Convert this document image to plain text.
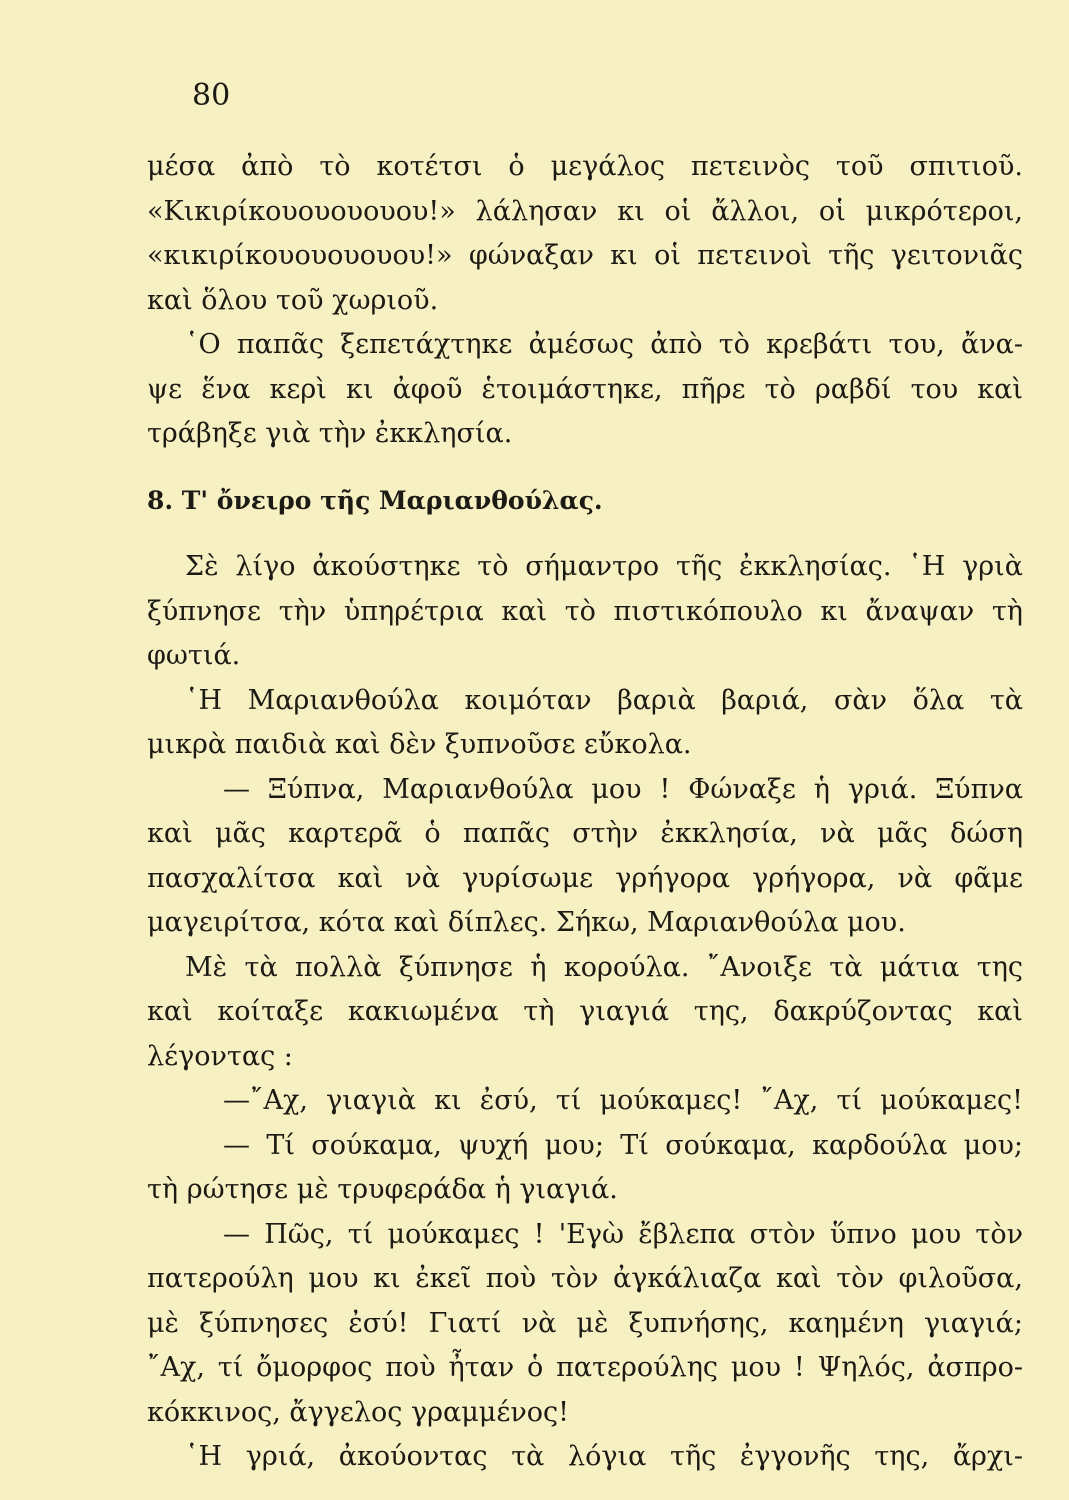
80
μέσα ἀπὸ τὸ κοτέτσι ὁ μεγάλος πετεινὸς τοῦ σπιτιοῦ.
«Κικιρίκουουουουου!» λάλησαν κι οἱ ἄλλοι, οἱ μικρότεροι,
«κικιρίκουουουουου!» φώναξαν κι οἱ πετεινοὶ τῆς γειτονιᾶς
καὶ ὅλου τοῦ χωριοῦ.
῾Ο παπᾶς ξεπετάχτηκε ἀμέσως ἀπὸ τὸ κρεβάτι του, ἄνα-
ψε ἕνα κερὶ κι ἀφοῦ ἑτοιμάστηκε, πῆρε τὸ ραβδί του καὶ
τράβηξε γιὰ τὴν ἐκκλησία.
8. Τ' ὄνειρο τῆς Μαριανθούλας.
Σὲ λίγο ἀκούστηκε τὸ σήμαντρο τῆς ἐκκλησίας. ῾Η γριὰ
ξύπνησε τὴν ὑπηρέτρια καὶ τὸ πιστικόπουλο κι ἄναψαν τὴ
φωτιά.
῾Η Μαριανθούλα κοιμόταν βαριὰ βαριά, σὰν ὅλα τὰ
μικρὰ παιδιὰ καὶ δὲν ξυπνοῦσε εὔκολα.
— Ξύπνα, Μαριανθούλα μου ! Φώναξε ἡ γριά. Ξύπνα
καὶ μᾶς καρτερᾶ ὁ παπᾶς στὴν ἐκκλησία, νὰ μᾶς δώση
πασχαλίτσα καὶ νὰ γυρίσωμε γρήγορα γρήγορα, νὰ φᾶμε
μαγειρίτσα, κότα καὶ δίπλες. Σήκω, Μαριανθούλα μου.
Μὲ τὰ πολλὰ ξύπνησε ἡ κορούλα. ῎Ανοιξε τὰ μάτια της
καὶ κοίταξε κακιωμένα τὴ γιαγιά της, δακρύζοντας καὶ
λέγοντας :
—῎Αχ, γιαγιὰ κι ἐσύ, τί μούκαμες! ῎Αχ, τί μούκαμες!
— Τί σούκαμα, ψυχή μου; Τί σούκαμα, καρδούλα μου;
τὴ ρώτησε μὲ τρυφεράδα ἡ γιαγιά.
— Πῶς, τί μούκαμες ! 'Εγὼ ἔβλεπα στὸν ὕπνο μου τὸν
πατερούλη μου κι ἐκεῖ ποὺ τὸν ἀγκάλιαζα καὶ τὸν φιλοῦσα,
μὲ ξύπνησες ἐσύ! Γιατί νὰ μὲ ξυπνήσης, καημένη γιαγιά;
῎Αχ, τί ὄμορφος ποὺ ἦταν ὁ πατερούλης μου ! Ψηλός, ἀσπρο-
κόκκινος, ἄγγελος γραμμένος!
῾Η γριά, ἀκούοντας τὰ λόγια τῆς ἐγγονῆς της, ἄρχι-
